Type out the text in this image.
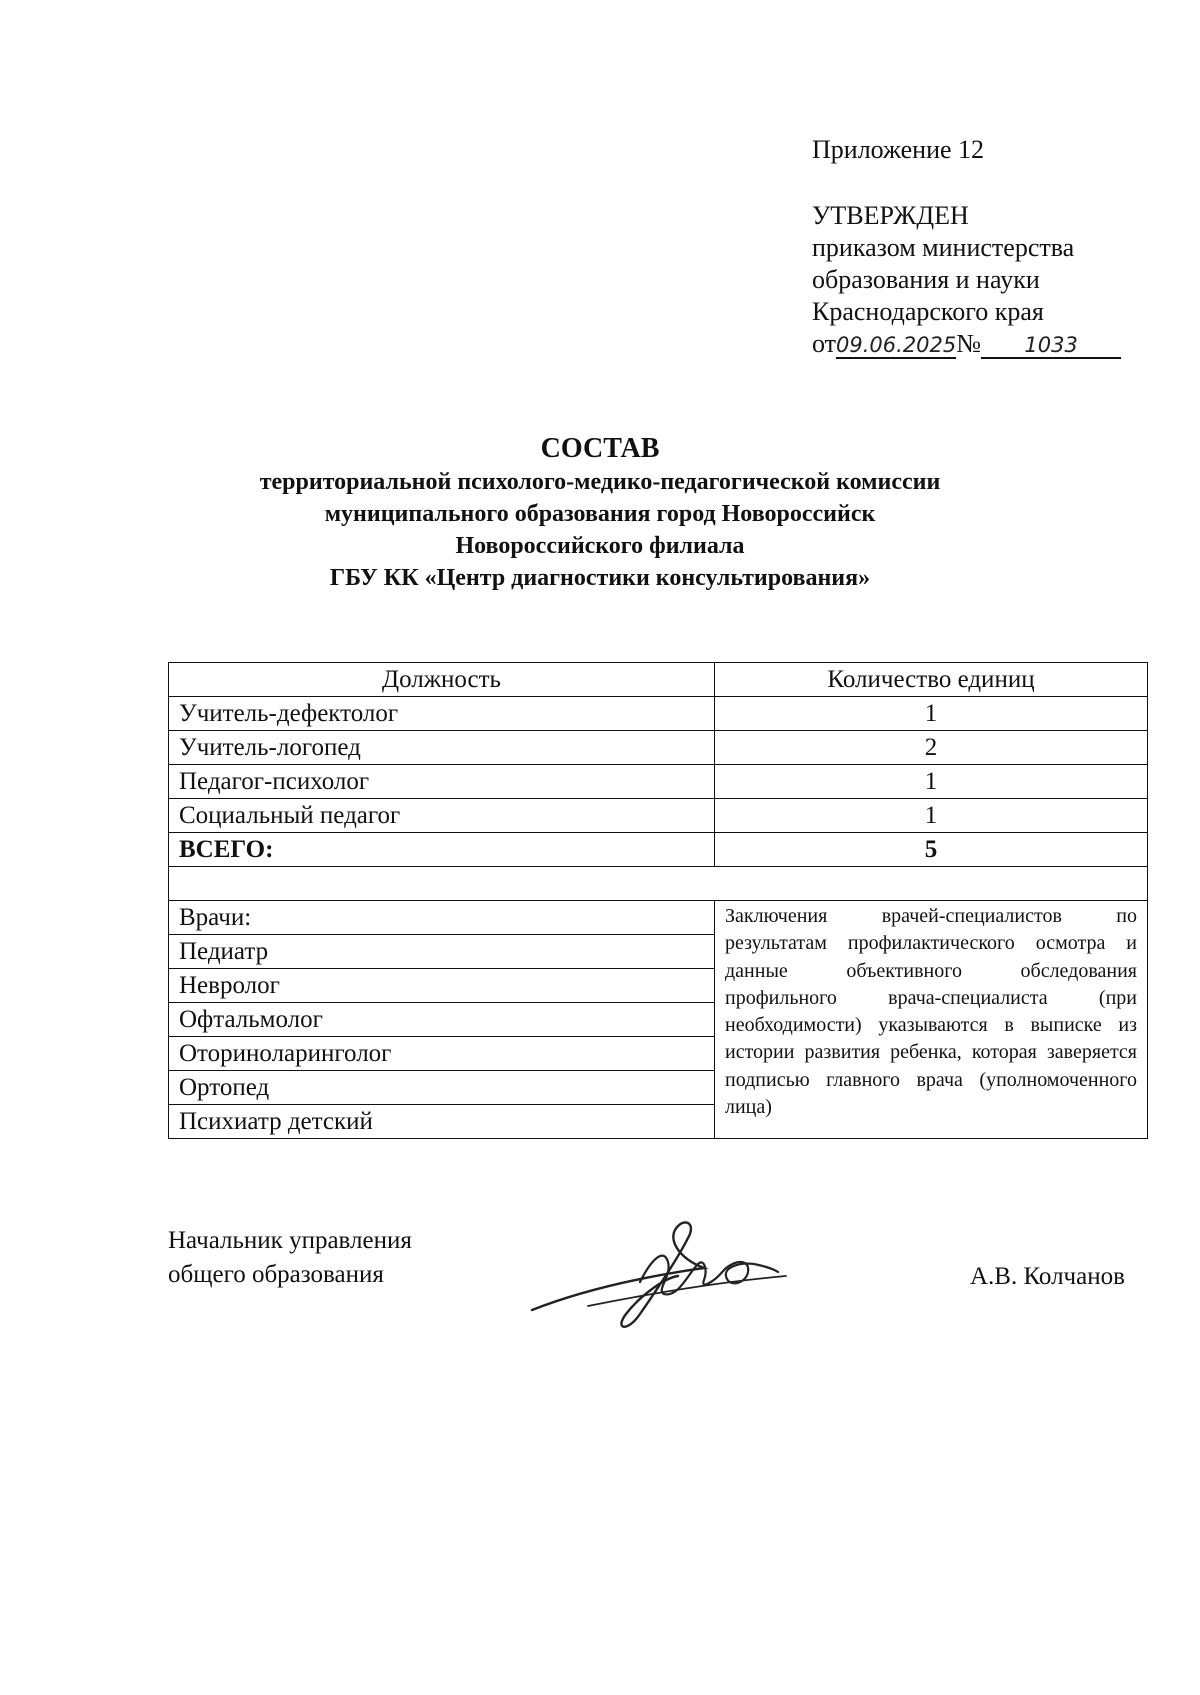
Приложение 12
УТВЕРЖДЕН
приказом министерства
образования и науки
Краснодарского края
от09.06.2025№ 1033
СОСТАВ
территориальной психолого-медико-педагогической комиссии
муниципального образования город Новороссийск
Новороссийского филиала
ГБУ КК «Центр диагностики консультирования»
Должность	Количество единиц
Учитель-дефектолог	1
Учитель-логопед	2
Педагог-психолог	1
Социальный педагог	1
ВСЕГО:	5

Врачи:	Заключения врачей-специалистов по результатам профилактического осмотра и данные объективного обследования профильного врача-специалиста (при необходимости) указываются в выписке из истории развития ребенка, которая заверяется подписью главного врача (уполномоченного лица)
Педиатр	
Невролог	
Офтальмолог	
Оториноларинголог	
Ортопед	
Психиатр детский	
Начальник управления
общего образования	А.В. Колчанов
